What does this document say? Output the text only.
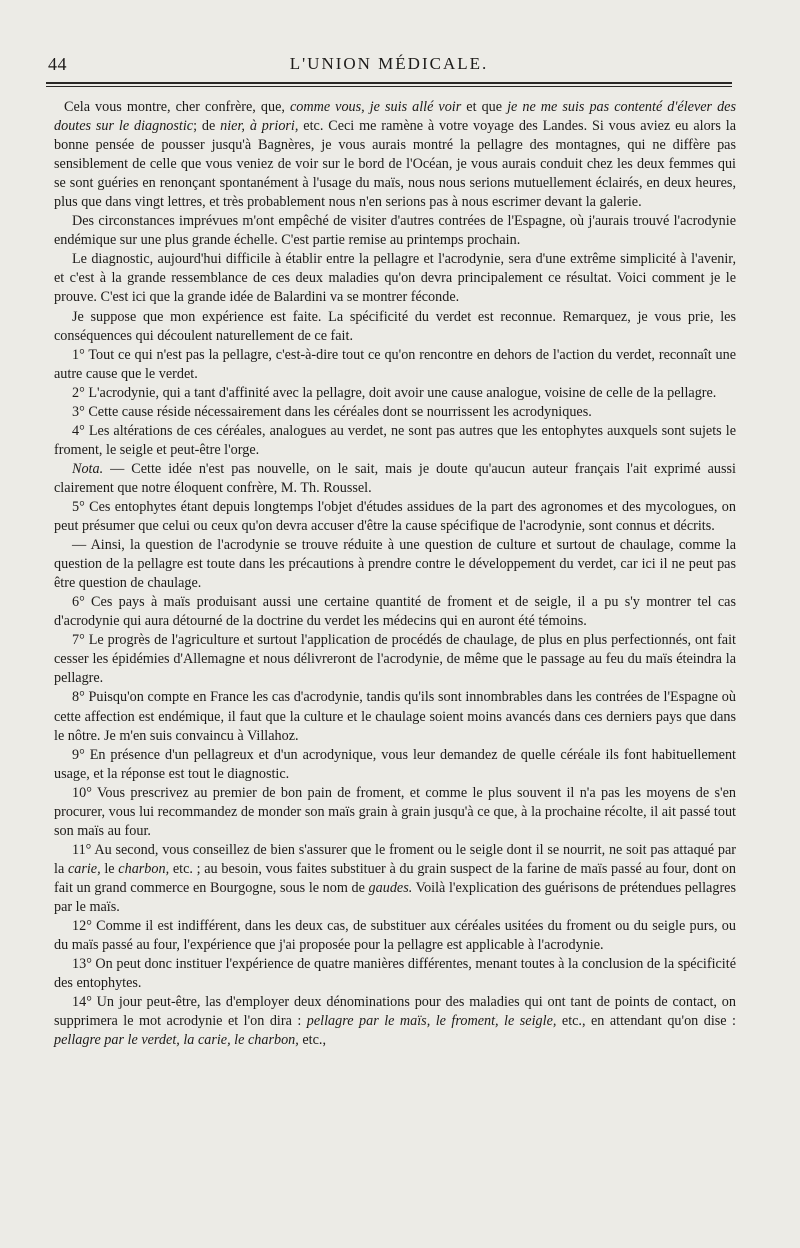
44	L'UNION MÉDICALE.

Cela vous montre, cher confrère, que, comme vous, je suis allé voir et que je ne me suis pas contenté d'élever des doutes sur le diagnostic; de nier, à priori, etc. Ceci me ramène à votre voyage des Landes. Si vous aviez eu alors la bonne pensée de pousser jusqu'à Bagnères, je vous aurais montré la pellagre des montagnes, qui ne diffère pas sensiblement de celle que vous veniez de voir sur le bord de l'Océan, je vous aurais conduit chez les deux femmes qui se sont guéries en renonçant spontanément à l'usage du maïs, nous nous serions mutuellement éclairés, en deux heures, plus que dans vingt lettres, et très probablement nous n'en serions pas à nous escrimer devant la galerie.

Des circonstances imprévues m'ont empêché de visiter d'autres contrées de l'Espagne, où j'aurais trouvé l'acrodynie endémique sur une plus grande échelle. C'est partie remise au printemps prochain.

Le diagnostic, aujourd'hui difficile à établir entre la pellagre et l'acrodynie, sera d'une extrême simplicité à l'avenir, et c'est à la grande ressemblance de ces deux maladies qu'on devra principalement ce résultat. Voici comment je le prouve. C'est ici que la grande idée de Balardini va se montrer féconde.

Je suppose que mon expérience est faite. La spécificité du verdet est reconnue. Remarquez, je vous prie, les conséquences qui découlent naturellement de ce fait.

1° Tout ce qui n'est pas la pellagre, c'est-à-dire tout ce qu'on rencontre en dehors de l'action du verdet, reconnaît une autre cause que le verdet.

2° L'acrodynie, qui a tant d'affinité avec la pellagre, doit avoir une cause analogue, voisine de celle de la pellagre.

3° Cette cause réside nécessairement dans les céréales dont se nourrissent les acrodyniques.

4° Les altérations de ces céréales, analogues au verdet, ne sont pas autres que les entophytes auxquels sont sujets le froment, le seigle et peut-être l'orge.

Nota. — Cette idée n'est pas nouvelle, on le sait, mais je doute qu'aucun auteur français l'ait exprimé aussi clairement que notre éloquent confrère, M. Th. Roussel.

5° Ces entophytes étant depuis longtemps l'objet d'études assidues de la part des agronomes et des mycologues, on peut présumer que celui ou ceux qu'on devra accuser d'être la cause spécifique de l'acrodynie, sont connus et décrits.

— Ainsi, la question de l'acrodynie se trouve réduite à une question de culture et surtout de chaulage, comme la question de la pellagre est toute dans les précautions à prendre contre le développement du verdet, car ici il ne peut pas être question de chaulage.

6° Ces pays à maïs produisant aussi une certaine quantité de froment et de seigle, il a pu s'y montrer tel cas d'acrodynie qui aura détourné de la doctrine du verdet les médecins qui en auront été témoins.

7° Le progrès de l'agriculture et surtout l'application de procédés de chaulage, de plus en plus perfectionnés, ont fait cesser les épidémies d'Allemagne et nous délivreront de l'acrodynie, de même que le passage au feu du maïs éteindra la pellagre.

8° Puisqu'on compte en France les cas d'acrodynie, tandis qu'ils sont innombrables dans les contrées de l'Espagne où cette affection est endémique, il faut que la culture et le chaulage soient moins avancés dans ces derniers pays que dans le nôtre. Je m'en suis convaincu à Villahoz.

9° En présence d'un pellagreux et d'un acrodynique, vous leur demandez de quelle céréale ils font habituellement usage, et la réponse est tout le diagnostic.

10° Vous prescrivez au premier de bon pain de froment, et comme le plus souvent il n'a pas les moyens de s'en procurer, vous lui recommandez de monder son maïs grain à grain jusqu'à ce que, à la prochaine récolte, il ait passé tout son maïs au four.

11° Au second, vous conseillez de bien s'assurer que le froment ou le seigle dont il se nourrit, ne soit pas attaqué par la carie, le charbon, etc. ; au besoin, vous faites substituer à du grain suspect de la farine de maïs passé au four, dont on fait un grand commerce en Bourgogne, sous le nom de gaudes. Voilà l'explication des guérisons de prétendues pellagres par le maïs.

12° Comme il est indifférent, dans les deux cas, de substituer aux céréales usitées du froment ou du seigle purs, ou du maïs passé au four, l'expérience que j'ai proposée pour la pellagre est applicable à l'acrodynie.

13° On peut donc instituer l'expérience de quatre manières différentes, menant toutes à la conclusion de la spécificité des entophytes.

14° Un jour peut-être, las d'employer deux dénominations pour des maladies qui ont tant de points de contact, on supprimera le mot acrodynie et l'on dira : pellagre par le maïs, le froment, le seigle, etc., en attendant qu'on dise : pellagre par le verdet, la carie, le charbon, etc.,
